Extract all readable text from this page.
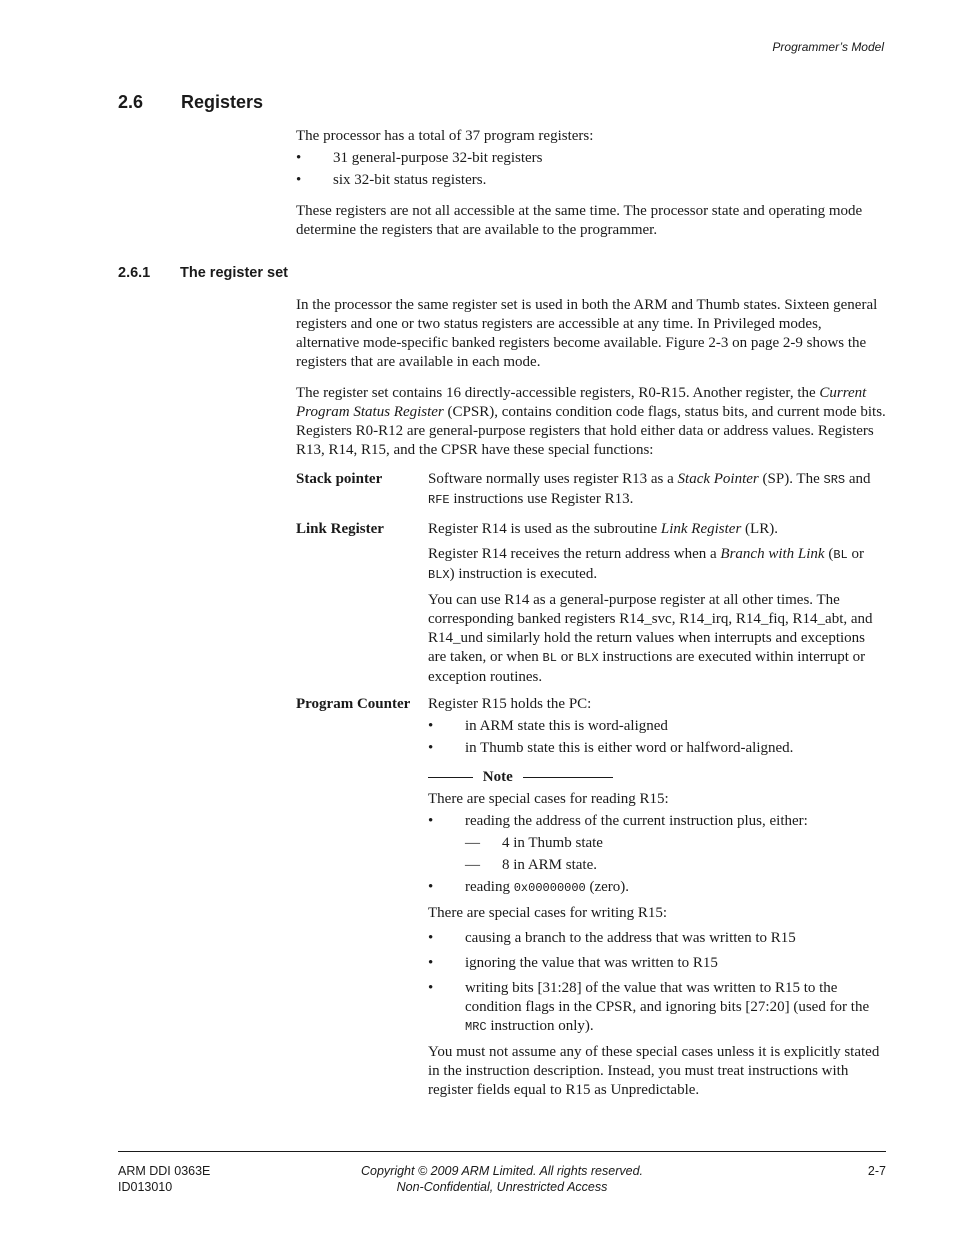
Programmer’s Model
2.6 Registers

The processor has a total of 37 program registers:

• 31 general-purpose 32-bit registers
• six 32-bit status registers.

These registers are not all accessible at the same time. The processor state and operating mode determine the registers that are available to the programmer.

2.6.1 The register set

In the processor the same register set is used in both the ARM and Thumb states. Sixteen general registers and one or two status registers are accessible at any time. In Privileged modes, alternative mode-specific banked registers become available. Figure 2-3 on page 2-9 shows the registers that are available in each mode.

The register set contains 16 directly-accessible registers, R0-R15. Another register, the Current Program Status Register (CPSR), contains condition code flags, status bits, and current mode bits. Registers R0-R12 are general-purpose registers that hold either data or address values. Registers R13, R14, R15, and the CPSR have these special functions:

Stack pointer	Software normally uses register R13 as a Stack Pointer (SP). The SRS and RFE instructions use Register R13.
Link Register	Register R14 is used as the subroutine Link Register (LR).

Register R14 receives the return address when a Branch with Link (BL or BLX) instruction is executed.

You can use R14 as a general-purpose register at all other times. The corresponding banked registers R14_svc, R14_irq, R14_fiq, R14_abt, and R14_und similarly hold the return values when interrupts and exceptions are taken, or when BL or BLX instructions are executed within interrupt or exception routines.

Program Counter Register R15 holds the PC:

• in ARM state this is word-aligned
• in Thumb state this is either word or halfword-aligned.
Note

There are special cases for reading R15:

• reading the address of the current instruction plus, either:
— 4 in Thumb state
— 8 in ARM state.
• reading 0x00000000 (zero).

There are special cases for writing R15:

• causing a branch to the address that was written to R15
• ignoring the value that was written to R15
• writing bits [31:28] of the value that was written to R15 to the condition flags in the CPSR, and ignoring bits [27:20] (used for the MRC instruction only).

You must not assume any of these special cases unless it is explicitly stated in the instruction description. Instead, you must treat instructions with register fields equal to R15 as Unpredictable.

ARM DDI 0363E
ID013010
Copyright © 2009 ARM Limited. All rights reserved.
Non-Confidential, Unrestricted Access
2-7
